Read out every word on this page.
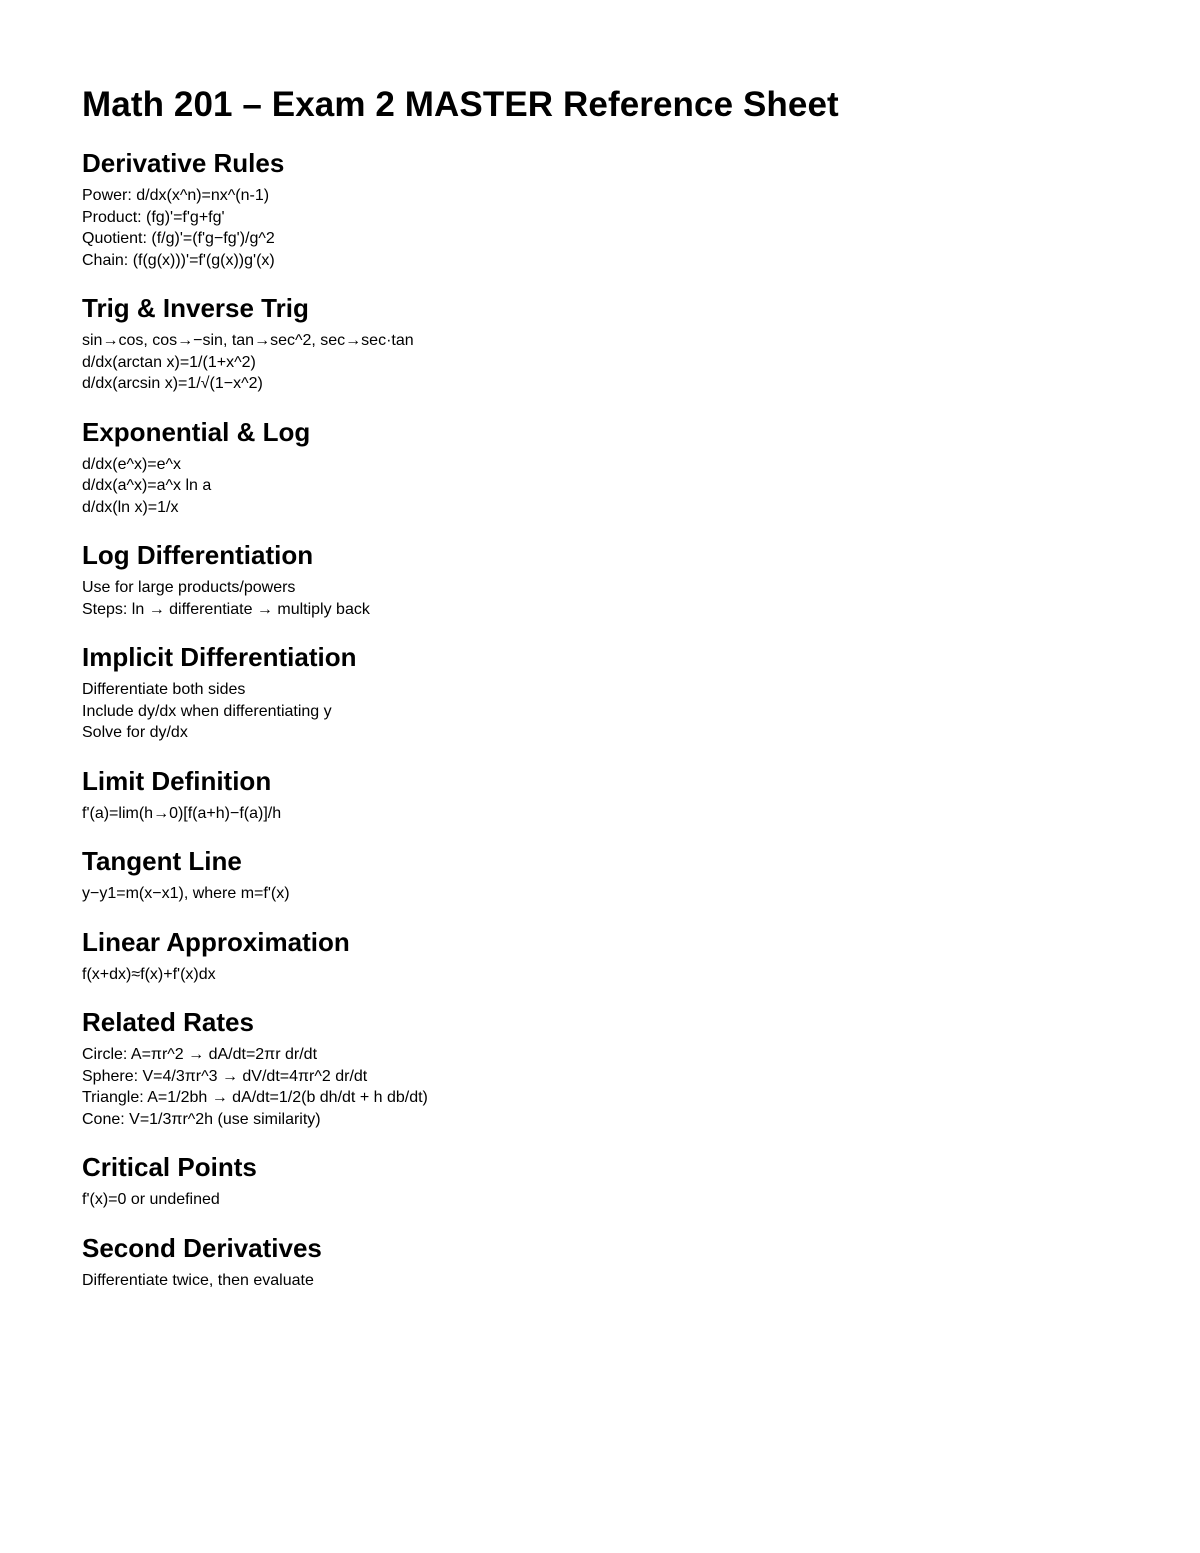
Math 201 – Exam 2 MASTER Reference Sheet
Derivative Rules
Power: d/dx(x^n)=nx^(n-1)
Product: (fg)'=f'g+fg'
Quotient: (f/g)'=(f'g−fg')/g^2
Chain: (f(g(x)))'=f'(g(x))g'(x)
Trig & Inverse Trig
sin→cos, cos→−sin, tan→sec^2, sec→sec·tan
d/dx(arctan x)=1/(1+x^2)
d/dx(arcsin x)=1/√(1−x^2)
Exponential & Log
d/dx(e^x)=e^x
d/dx(a^x)=a^x ln a
d/dx(ln x)=1/x
Log Differentiation
Use for large products/powers
Steps: ln → differentiate → multiply back
Implicit Differentiation
Differentiate both sides
Include dy/dx when differentiating y
Solve for dy/dx
Limit Definition
f'(a)=lim(h→0)[f(a+h)−f(a)]/h
Tangent Line
y−y1=m(x−x1), where m=f'(x)
Linear Approximation
f(x+dx)≈f(x)+f'(x)dx
Related Rates
Circle: A=πr^2 → dA/dt=2πr dr/dt
Sphere: V=4/3πr^3 → dV/dt=4πr^2 dr/dt
Triangle: A=1/2bh → dA/dt=1/2(b dh/dt + h db/dt)
Cone: V=1/3πr^2h (use similarity)
Critical Points
f'(x)=0 or undefined
Second Derivatives
Differentiate twice, then evaluate
